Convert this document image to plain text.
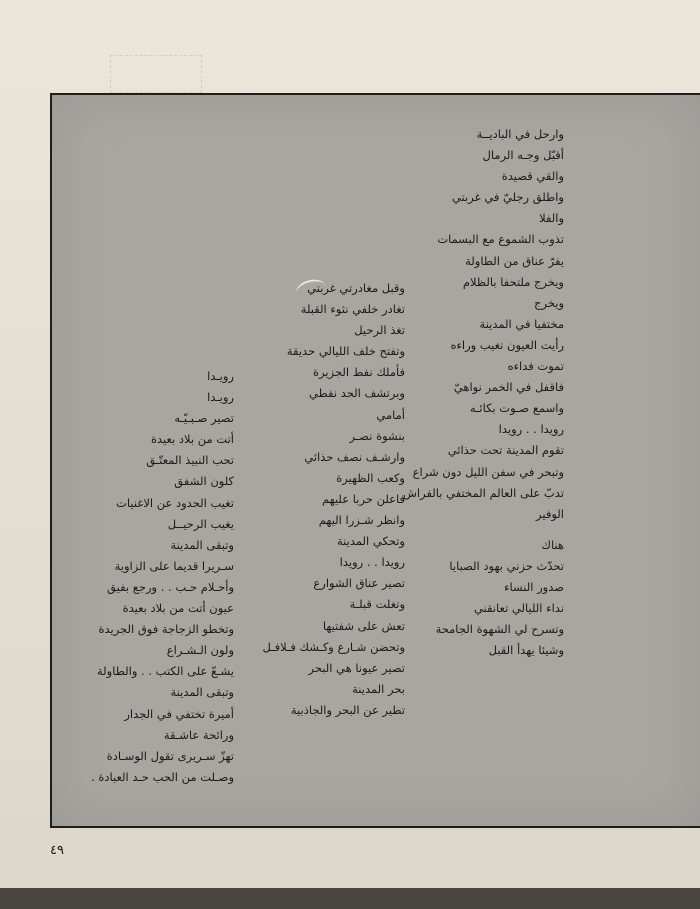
وارحل في الباديــة
أقبّل وجـه الرمال
والقي قصيدة
واطلق رجليّ في غربتي
والفلا
تذوب الشموع مع البسمات
يفرّ عناق من الطاولة
ويخرج ملتحفا بالظلام
ويخرج
مختفيا في المدينة
رأيت العيون تغيب وراءه
تموت فداءه
فاقفل في الخمر نواهيّ
واسمع صـوت بكائـه
رويدا . . رويدا
تقوم المدينة تحت حذائي
وتبحر في سفن الليل دون شراع
تدبّ على العالم المختفي بالفراش
الوفير
هناك
تحدّث حزني بهود الصبايا
صدور النساء
نداء الليالي تعانقني
وتسرح لي الشهوة الجامحة
وشيئا يهدأ القبل
وقبل مغادرتي غربتي
تغادر خلفي نثوء القبلة
تغذ الرحيل
وتفتح خلف الليالي حديقة
فأملك نفط الجزيرة
وبرتشف الحد نفطي
أمامي
بنشوة نصـر
وارشـف نصف حذائي
وكعب الظهيرة
فاعلن حربا عليهم
وانظر شـزرا اليهم
وتحكي المدينة
رويدا . . رويدا
تصير عناق الشوارع
وتغلت قبلـة
تعش على شفتيها
وتحضن شـارع وكـشك فـلافـل
تصير عيونا هي البحر
بحر المدينة
تطير عن البحر والجاذبية
رويـدا
رويـدا
تصير صـبـيّـه
أتت من بلاد بعيدة
تحب النبيذ المعتّـق
كلون الشفق
تغيب الحدود عن الاغنيات
يغيب الرحيــل
وتبقى المدينة
سـريرا قديما على الزاوية
وأحـلام حـب . . ورجع بفيق
عيون أتت من بلاد بعيدة
وتخطو الزجاجة فوق الجريدة
ولون الـشـراع
يشـعّ على الكتب . . والطاولة
وتبقى المدينة
أميرة تختفي في الجدار
ورائحة عاشـقة
تهزّ سـريرى تقول الوسـادة
وصـلت من الحب حـد العبادة .
٤٩
